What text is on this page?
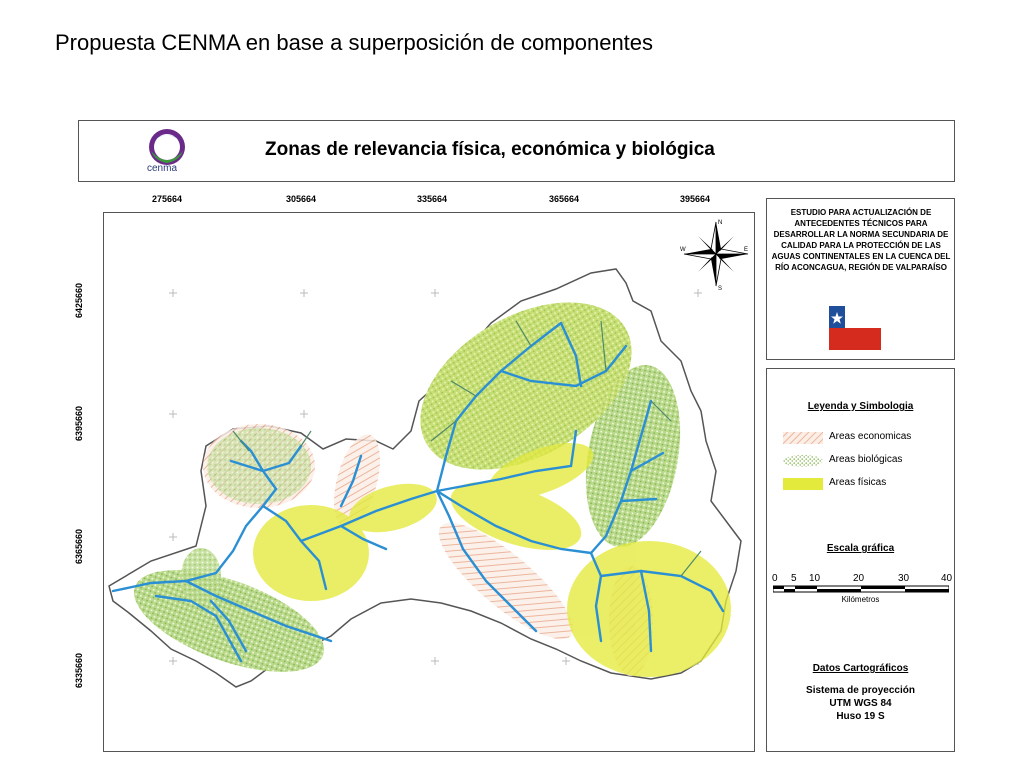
Propuesta CENMA en base a superposición de componentes
cenma
Zonas de relevancia física, económica y biológica
275664	305664	335664	365664	395664
6425660
6395660
6365660
6335660
N
S
E
W
ESTUDIO PARA ACTUALIZACIÓN DE ANTECEDENTES TÉCNICOS PARA DESARROLLAR LA NORMA SECUNDARIA DE CALIDAD PARA LA PROTECCIÓN DE LAS AGUAS CONTINENTALES EN LA CUENCA DEL RÍO ACONCAGUA, REGIÓN DE VALPARAÍSO
Leyenda y Simbologia
Areas economicas
Areas biológicas
Areas físicas
Escala gráfica
0 5 10	20	30	40
Kilómetros
Datos Cartográficos
Sistema de proyección
UTM WGS 84
Huso 19 S
